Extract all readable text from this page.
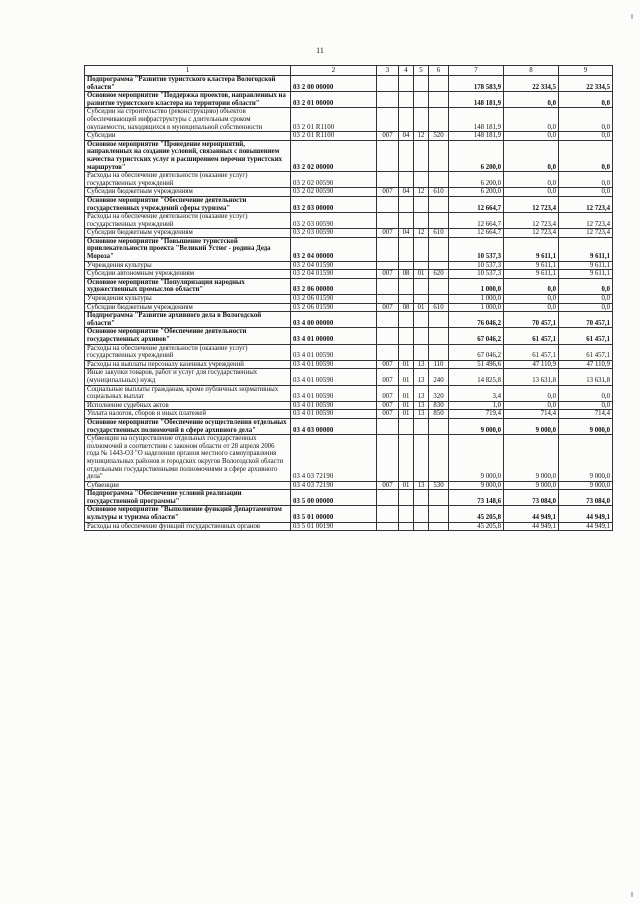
11
1	2	3	4	5	6	7	8	9
Подпрограмма "Развитие туристского кластера Вологодской области"	03 2 00 00000					178 583,9	22 334,5	22 334,5
Основное мероприятие "Поддержка проектов, направленных на развитие туристского кластера на территории области"	03 2 01 00000					148 181,9	0,0	0,0
Субсидии на строительство (реконструкцию) объектов обеспечивающей инфраструктуры с длительным сроком окупаемости, находящихся в муниципальной собственности	03 2 01 R1100					148 181,9	0,0	0,0
Субсидии	03 2 01 R1100	007	04	12	520	148 181,9	0,0	0,0
Основное мероприятие "Проведение мероприятий, направленных на создание условий, связанных с повышением качества туристских услуг и расширением перечня туристских маршрутов"	03 2 02 00000					6 200,0	0,0	0,0
Расходы на обеспечение деятельности (оказание услуг) государственных учреждений	03 2 02 00590					6 200,0	0,0	0,0
Субсидии бюджетным учреждениям	03 2 02 00590	007	04	12	610	6 200,0	0,0	0,0
Основное мероприятие "Обеспечение деятельности государственных учреждений сферы туризма"	03 2 03 00000					12 664,7	12 723,4	12 723,4
Расходы на обеспечение деятельности (оказание услуг) государственных учреждений	03 2 03 00590					12 664,7	12 723,4	12 723,4
Субсидии бюджетным учреждениям	03 2 03 00590	007	04	12	610	12 664,7	12 723,4	12 723,4
Основное мероприятие "Повышение туристской привлекательности проекта "Великий Устюг - родина Деда Мороза"	03 2 04 00000					10 537,3	9 611,1	9 611,1
Учреждения культуры	03 2 04 01590					10 537,3	9 611,1	9 611,1
Субсидии автономным учреждениям	03 2 04 01590	007	08	01	620	10 537,3	9 611,1	9 611,1
Основное мероприятие "Популяризация народных художественных промыслов области"	03 2 06 00000					1 000,0	0,0	0,0
Учреждения культуры	03 2 06 01590					1 000,0	0,0	0,0
Субсидии бюджетным учреждениям	03 2 06 01590	007	08	01	610	1 000,0	0,0	0,0
Подпрограмма "Развитие архивного дела в Вологодской области"	03 4 00 00000					76 046,2	70 457,1	70 457,1
Основное мероприятие "Обеспечение деятельности государственных архивов"	03 4 01 00000					67 046,2	61 457,1	61 457,1
Расходы на обеспечение деятельности (оказание услуг) государственных учреждений	03 4 01 00590					67 046,2	61 457,1	61 457,1
Расходы на выплаты персоналу казенных учреждений	03 4 01 00590	007	01	13	110	51 496,6	47 110,9	47 110,9
Иные закупки товаров, работ и услуг для государственных (муниципальных) нужд	03 4 01 00590	007	01	13	240	14 825,8	13 631,8	13 631,8
Социальные выплаты гражданам, кроме публичных нормативных социальных выплат	03 4 01 00590	007	01	13	320	3,4	0,0	0,0
Исполнение судебных актов	03 4 01 00590	007	01	13	830	1,0	0,0	0,0
Уплата налогов, сборов и иных платежей	03 4 01 00590	007	01	13	850	719,4	714,4	714,4
Основное мероприятие "Обеспечение осуществления отдельных государственных полномочий в сфере архивного дела"	03 4 03 00000					9 000,0	9 000,0	9 000,0
Субвенции на осуществление отдельных государственных полномочий в соответствии с законом области от 28 апреля 2006 года № 1443-ОЗ "О наделении органов местного самоуправления муниципальных районов и городских округов Вологодской области отдельными государственными полномочиями в сфере архивного дела"	03 4 03 72190					9 000,0	9 000,0	9 000,0
Субвенции	03 4 03 72190	007	01	13	530	9 000,0	9 000,0	9 000,0
Подпрограмма "Обеспечение условий реализации государственной программы"	03 5 00 00000					73 148,6	73 084,0	73 084,0
Основное мероприятие "Выполнение функций Департаментом культуры и туризма области"	03 5 01 00000					45 205,8	44 949,1	44 949,1
Расходы на обеспечение функций государственных органов	03 5 01 00190					45 205,8	44 949,1	44 949,1
